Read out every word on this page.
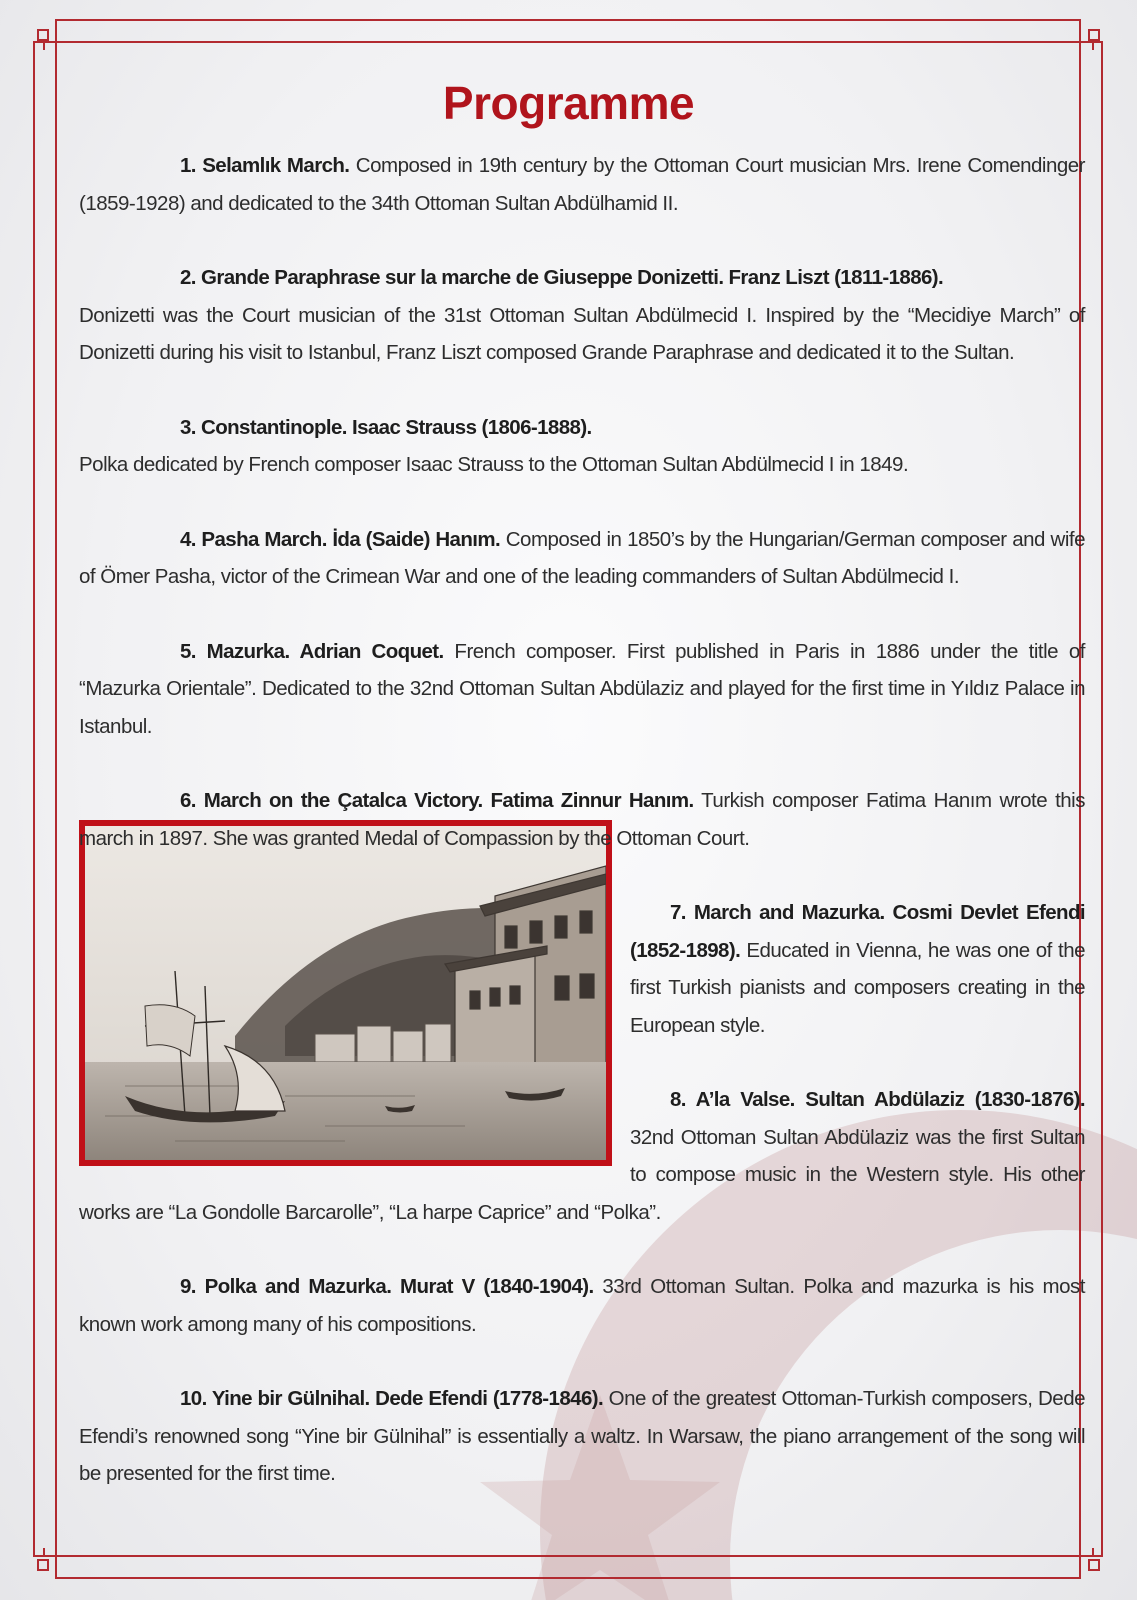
Programme

1. Selamlık March. Composed in 19th century by the Ottoman Court musician Mrs. Irene Comendinger (1859-1928) and dedicated to the 34th Ottoman Sultan Abdülhamid II.

2. Grande Paraphrase sur la marche de Giuseppe Donizetti. Franz Liszt (1811-1886).
Donizetti was the Court musician of the 31st Ottoman Sultan Abdülmecid I. Inspired by the “Mecidiye March” of Donizetti during his visit to Istanbul, Franz Liszt composed Grande Paraphrase and dedicated it to the Sultan.

3. Constantinople. Isaac Strauss (1806-1888).
Polka dedicated by French composer Isaac Strauss to the Ottoman Sultan Abdülmecid I in 1849.

4. Pasha March. İda (Saide) Hanım. Composed in 1850’s by the Hungarian/German composer and wife of Ömer Pasha, victor of the Crimean War and one of the leading commanders of Sultan Abdülmecid I.

5. Mazurka. Adrian Coquet. French composer. First published in Paris in 1886 under the title of “Mazurka Orientale”. Dedicated to the 32nd Ottoman Sultan Abdülaziz and played for the first time in Yıldız Palace in Istanbul.

6. March on the Çatalca Victory. Fatima Zinnur Hanım. Turkish composer Fatima Hanım wrote this march in 1897. She was granted Medal of Compassion by the Ottoman Court.

7. March and Mazurka. Cosmi Devlet Efendi (1852-1898). Educated in Vienna, he was one of the first Turkish pianists and composers creating in the European style.

8. A’la Valse. Sultan Abdülaziz (1830-1876). 32nd Ottoman Sultan Abdülaziz was the first Sultan to compose music in the Western style. His other works are “La Gondolle Barcarolle”, “La harpe Caprice” and “Polka”.

9. Polka and Mazurka. Murat V (1840-1904). 33rd Ottoman Sultan. Polka and mazurka is his most known work among many of his compositions.

10. Yine bir Gülnihal. Dede Efendi (1778-1846). One of the greatest Ottoman-Turkish composers, Dede Efendi’s renowned song “Yine bir Gülnihal” is essentially a waltz. In Warsaw, the piano arrangement of the song will be presented for the first time.
